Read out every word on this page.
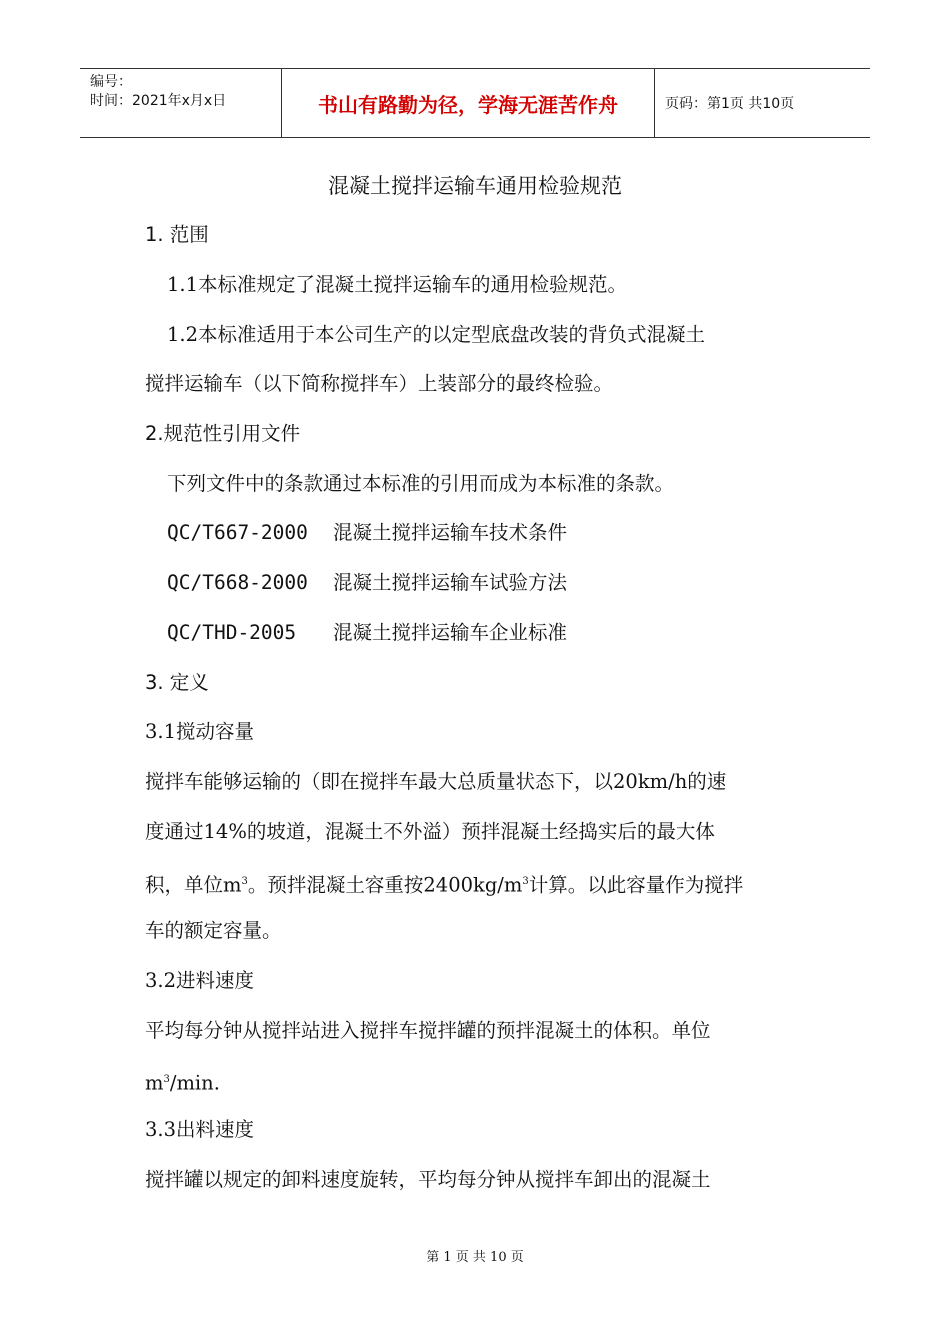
编号：
时间：2021年x月x日	书山有路勤为径，学海无涯苦作舟	页码：第1页 共10页
混凝土搅拌运输车通用检验规范
1. 范围
1.1本标准规定了混凝土搅拌运输车的通用检验规范。
1.2本标准适用于本公司生产的以定型底盘改装的背负式混凝土
搅拌运输车（以下简称搅拌车）上装部分的最终检验。
2.规范性引用文件
下列文件中的条款通过本标准的引用而成为本标准的条款。
QC/T667-2000 混凝土搅拌运输车技术条件
QC/T668-2000 混凝土搅拌运输车试验方法
QC/THD-2005 混凝土搅拌运输车企业标准
3. 定义
3.1搅动容量
搅拌车能够运输的（即在搅拌车最大总质量状态下，以20km/h的速
度通过14%的坡道，混凝土不外溢）预拌混凝土经捣实后的最大体
积，单位$m^3$。预拌混凝土容重按$2400kg/m^3$计算。以此容量作为搅拌
车的额定容量。
3.2进料速度
平均每分钟从搅拌站进入搅拌车搅拌罐的预拌混凝土的体积。单位
$m^3/\min$.
3.3出料速度
搅拌罐以规定的卸料速度旋转，平均每分钟从搅拌车卸出的混凝土
第 1 页 共 10 页
